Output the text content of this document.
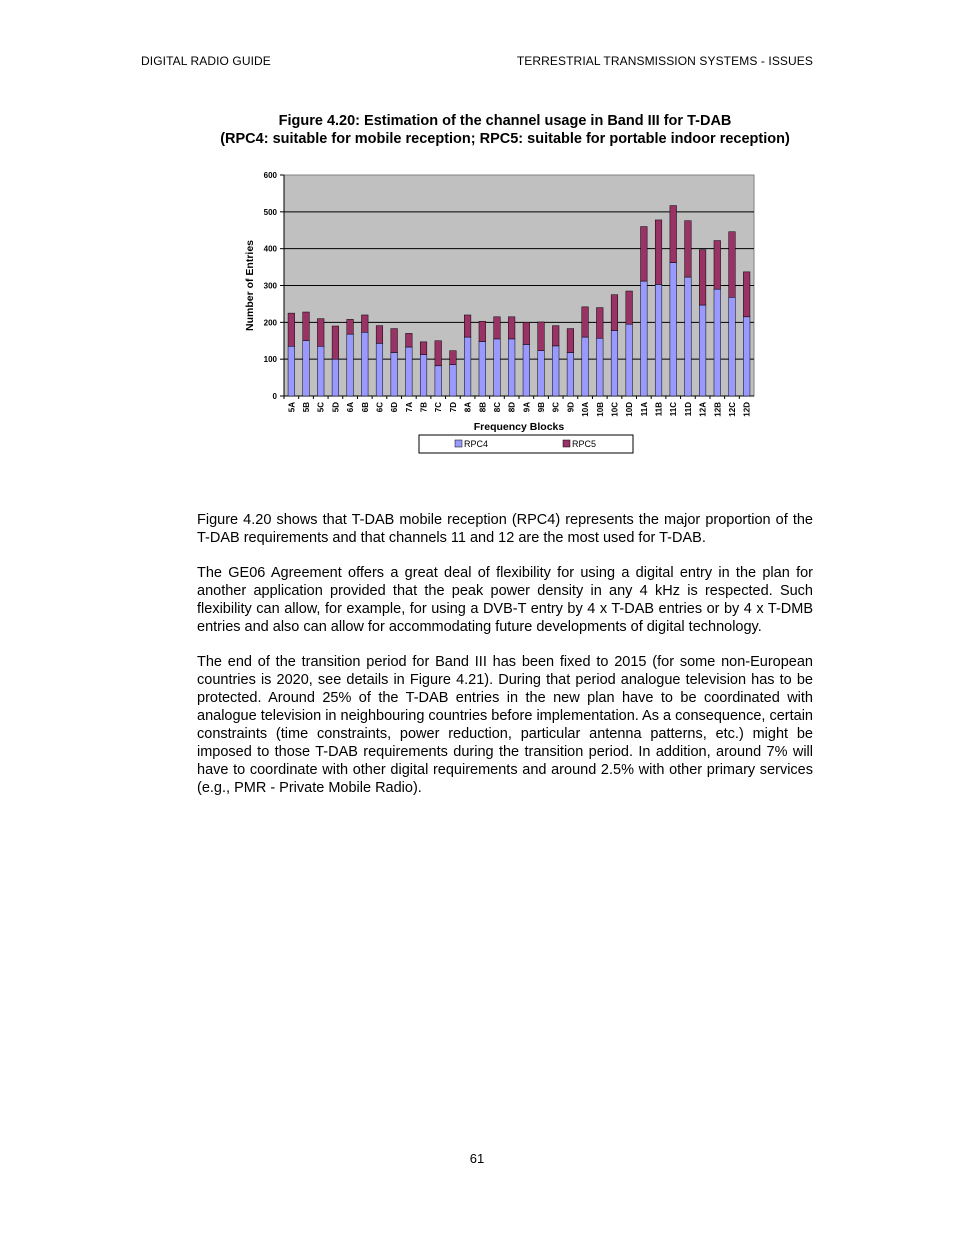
DIGITAL RADIO GUIDE	TERRESTRIAL TRANSMISSION SYSTEMS - ISSUES
Figure 4.20: Estimation of the channel usage in Band III for T-DAB
(RPC4: suitable for mobile reception; RPC5: suitable for portable indoor reception)
0
100
200
300
400
500
600
5A 5B 5C 5D 6A 6B 6C 6D 7A 7B 7C 7D 8A 8B 8C 8D 9A 9B 9C 9D 10A 10B 10C 10D 11A 11B 11C 11D 12A 12B 12C 12D
Frequency Blocks
Number of Entries
RPC4	RPC5

Figure 4.20 shows that T-DAB mobile reception (RPC4) represents the major proportion of the T-DAB requirements and that channels 11 and 12 are the most used for T-DAB.

The GE06 Agreement offers a great deal of flexibility for using a digital entry in the plan for another application provided that the peak power density in any 4 kHz is respected. Such flexibility can allow, for example, for using a DVB-T entry by 4 x T-DAB entries or by 4 x T-DMB entries and also can allow for accommodating future developments of digital technology.

The end of the transition period for Band III has been fixed to 2015 (for some non-European countries is 2020, see details in Figure 4.21). During that period analogue television has to be protected. Around 25% of the T-DAB entries in the new plan have to be coordinated with analogue television in neighbouring countries before implementation. As a consequence, certain constraints (time constraints, power reduction, particular antenna patterns, etc.) might be imposed to those T-DAB requirements during the transition period. In addition, around 7% will have to coordinate with other digital requirements and around 2.5% with other primary services (e.g., PMR - Private Mobile Radio).

61
